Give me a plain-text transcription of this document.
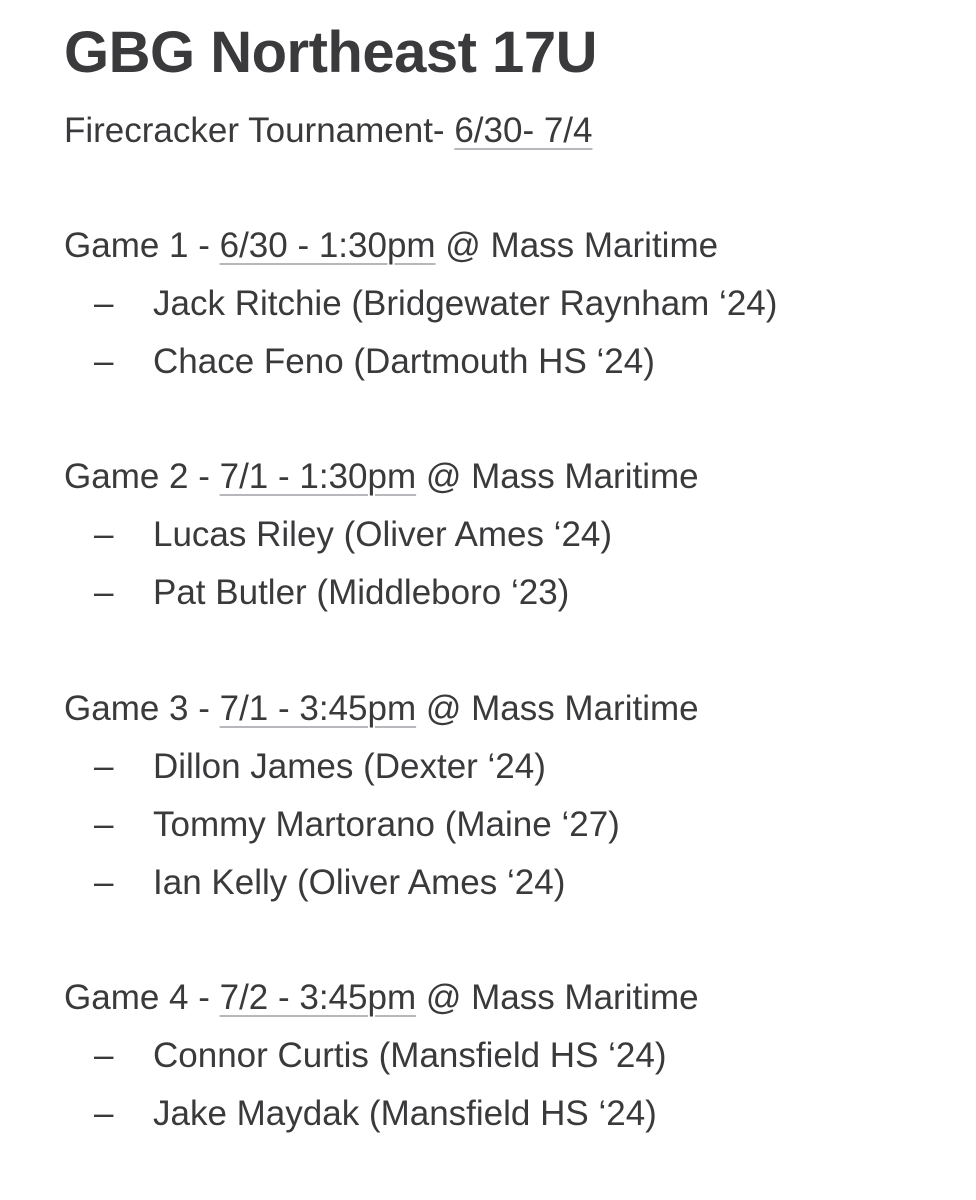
GBG Northeast 17U
Firecracker Tournament- 6/30- 7/4
Game 1 - 6/30 - 1:30pm @ Mass Maritime
– Jack Ritchie (Bridgewater Raynham ‘24)
– Chace Feno (Dartmouth HS ‘24)
Game 2 - 7/1 - 1:30pm @ Mass Maritime
– Lucas Riley (Oliver Ames ‘24)
– Pat Butler (Middleboro ‘23)
Game 3 - 7/1 - 3:45pm @ Mass Maritime
– Dillon James (Dexter ‘24)
– Tommy Martorano (Maine ‘27)
– Ian Kelly (Oliver Ames ‘24)
Game 4 - 7/2 - 3:45pm @ Mass Maritime
– Connor Curtis (Mansfield HS ‘24)
– Jake Maydak (Mansfield HS ‘24)
